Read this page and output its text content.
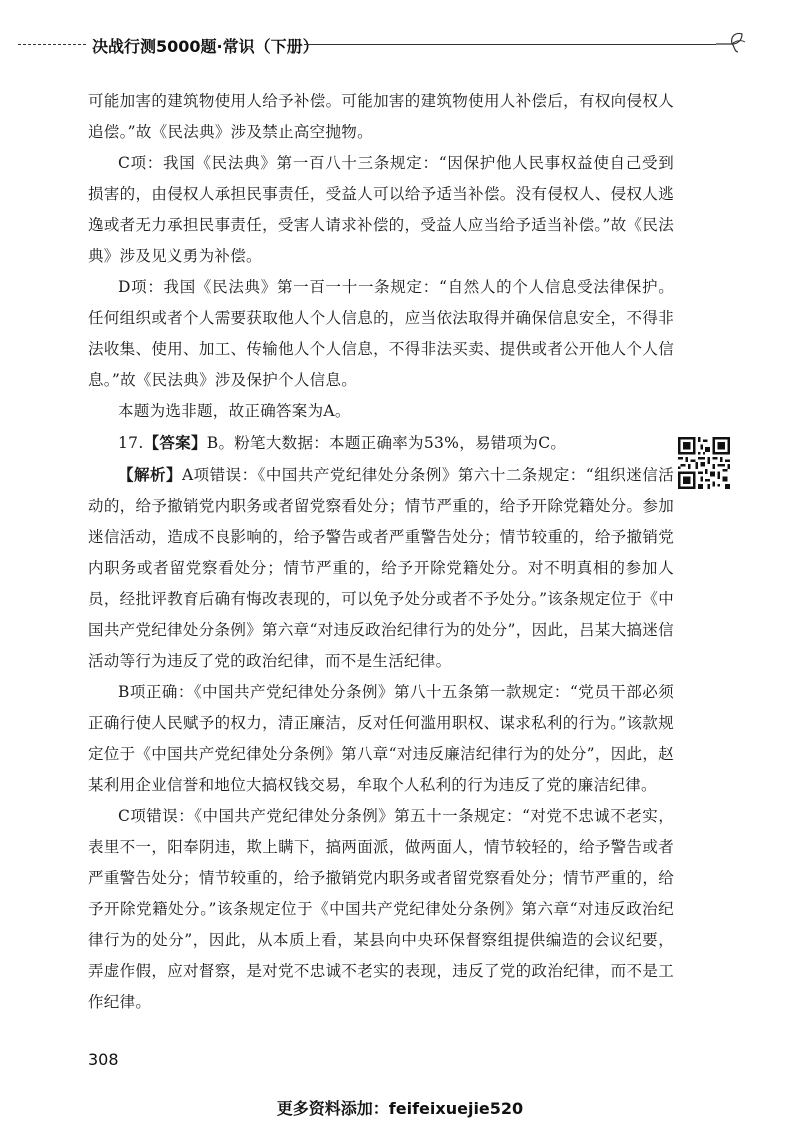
决战行测5000题·常识（下册）

可能加害的建筑物使用人给予补偿。可能加害的建筑物使用人补偿后，有权向侵权人追偿。”故《民法典》涉及禁止高空抛物。

C项：我国《民法典》第一百八十三条规定：“因保护他人民事权益使自己受到损害的，由侵权人承担民事责任，受益人可以给予适当补偿。没有侵权人、侵权人逃逸或者无力承担民事责任，受害人请求补偿的，受益人应当给予适当补偿。”故《民法典》涉及见义勇为补偿。

D项：我国《民法典》第一百一十一条规定：“自然人的个人信息受法律保护。任何组织或者个人需要获取他人个人信息的，应当依法取得并确保信息安全，不得非法收集、使用、加工、传输他人个人信息，不得非法买卖、提供或者公开他人个人信息。”故《民法典》涉及保护个人信息。

本题为选非题，故正确答案为A。

17.【答案】B。粉笔大数据：本题正确率为53%，易错项为C。

【解析】A项错误：《中国共产党纪律处分条例》第六十二条规定：“组织迷信活动的，给予撤销党内职务或者留党察看处分；情节严重的，给予开除党籍处分。参加迷信活动，造成不良影响的，给予警告或者严重警告处分；情节较重的，给予撤销党内职务或者留党察看处分；情节严重的，给予开除党籍处分。对不明真相的参加人员，经批评教育后确有悔改表现的，可以免予处分或者不予处分。”该条规定位于《中国共产党纪律处分条例》第六章“对违反政治纪律行为的处分”，因此，吕某大搞迷信活动等行为违反了党的政治纪律，而不是生活纪律。

B项正确：《中国共产党纪律处分条例》第八十五条第一款规定：“党员干部必须正确行使人民赋予的权力，清正廉洁，反对任何滥用职权、谋求私利的行为。”该款规定位于《中国共产党纪律处分条例》第八章“对违反廉洁纪律行为的处分”，因此，赵某利用企业信誉和地位大搞权钱交易，牟取个人私利的行为违反了党的廉洁纪律。

C项错误：《中国共产党纪律处分条例》第五十一条规定：“对党不忠诚不老实，表里不一，阳奉阴违，欺上瞒下，搞两面派，做两面人，情节较轻的，给予警告或者严重警告处分；情节较重的，给予撤销党内职务或者留党察看处分；情节严重的，给予开除党籍处分。”该条规定位于《中国共产党纪律处分条例》第六章“对违反政治纪律行为的处分”，因此，从本质上看，某县向中央环保督察组提供编造的会议纪要，弄虚作假，应对督察，是对党不忠诚不老实的表现，违反了党的政治纪律，而不是工作纪律。

308
更多资料添加：feifeixuejie520
